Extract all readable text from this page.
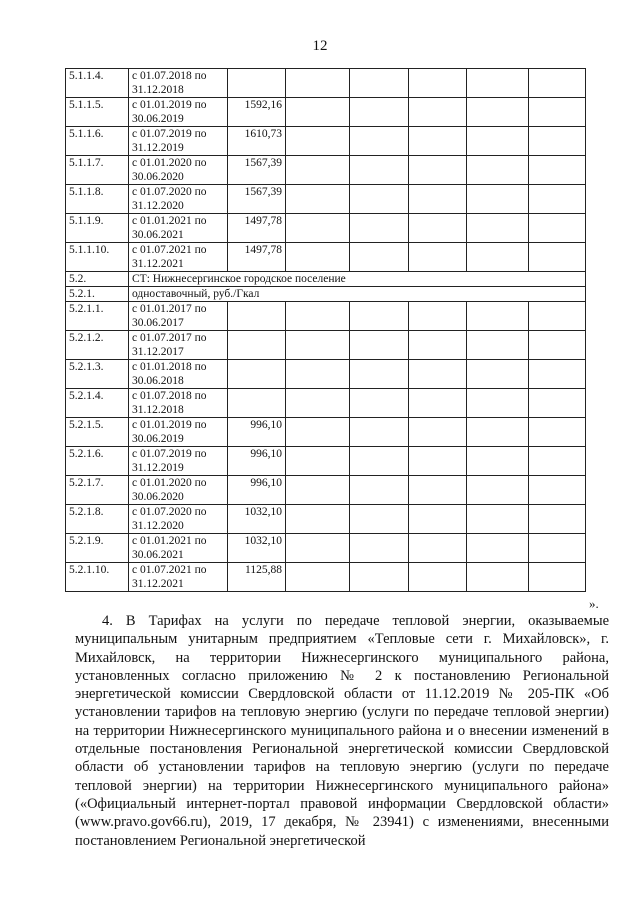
12
5.1.1.4.	с 01.07.2018 по
31.12.2018						
5.1.1.5.	с 01.01.2019 по
30.06.2019	1592,16					
5.1.1.6.	с 01.07.2019 по
31.12.2019	1610,73					
5.1.1.7.	с 01.01.2020 по
30.06.2020	1567,39					
5.1.1.8.	с 01.07.2020 по
31.12.2020	1567,39					
5.1.1.9.	с 01.01.2021 по
30.06.2021	1497,78					
5.1.1.10.	с 01.07.2021 по
31.12.2021	1497,78					
5.2.	СТ: Нижнесергинское городское поселение						
5.2.1.	одноставочный, руб./Гкал						
5.2.1.1.	с 01.01.2017 по
30.06.2017						
5.2.1.2.	с 01.07.2017 по
31.12.2017						
5.2.1.3.	с 01.01.2018 по
30.06.2018						
5.2.1.4.	с 01.07.2018 по
31.12.2018						
5.2.1.5.	с 01.01.2019 по
30.06.2019	996,10					
5.2.1.6.	с 01.07.2019 по
31.12.2019	996,10					
5.2.1.7.	с 01.01.2020 по
30.06.2020	996,10					
5.2.1.8.	с 01.07.2020 по
31.12.2020	1032,10					
5.2.1.9.	с 01.01.2021 по
30.06.2021	1032,10					
5.2.1.10.	с 01.07.2021 по
31.12.2021	1125,88					
».

4. В Тарифах на услуги по передаче тепловой энергии, оказываемые муниципальным унитарным предприятием «Тепловые сети г. Михайловск», г. Михайловск, на территории Нижнесергинского муниципального района, установленных согласно приложению № 2 к постановлению Региональной энергетической комиссии Свердловской области от 11.12.2019 № 205-ПК «Об установлении тарифов на тепловую энергию (услуги по передаче тепловой энергии) на территории Нижнесергинского муниципального района и о внесении изменений в отдельные постановления Региональной энергетической комиссии Свердловской области об установлении тарифов на тепловую энергию (услуги по передаче тепловой энергии) на территории Нижнесергинского муниципального района» («Официальный интернет-портал правовой информации Свердловской области» (www.pravo.gov66.ru), 2019, 17 декабря, № 23941) с изменениями, внесенными постановлением Региональной энергетической
